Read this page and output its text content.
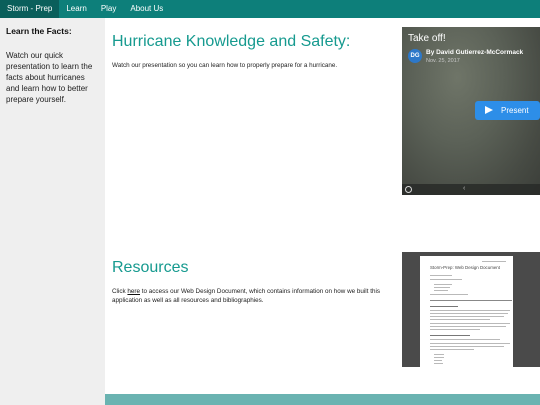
Storm - Prep	Learn	Play	About Us
Learn the Facts:
Watch our quick presentation to learn the facts about hurricanes and learn how to better prepare yourself.
Hurricane Knowledge and Safety:
Watch our presentation so you can learn how to properly prepare for a hurricane.
Take off!
DG	By David Gutierrez-McCormack
Nov. 25, 2017
Present
‹
Resources
Click here to access our Web Design Document, which contains information on how we built this application as well as all resources and bibliographies.
Storm-Prep: Web Design Document
